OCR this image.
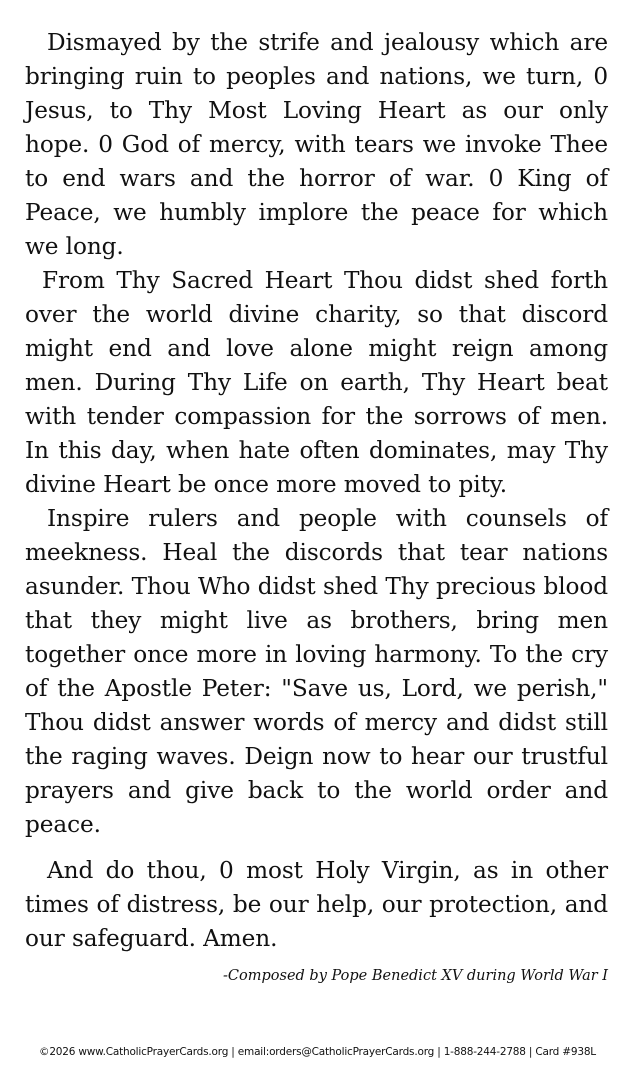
Dismayed by the strife and jealousy which are bringing ruin to peoples and nations, we turn, 0 Jesus, to Thy Most Loving Heart as our only hope. 0 God of mercy, with tears we invoke Thee to end wars and the horror of war. 0 King of Peace, we humbly implore the peace for which we long.

From Thy Sacred Heart Thou didst shed forth over the world divine charity, so that discord might end and love alone might reign among men. During Thy Life on earth, Thy Heart beat with tender compassion for the sorrows of men. In this day, when hate often dominates, may Thy divine Heart be once more moved to pity.

Inspire rulers and people with counsels of meekness. Heal the discords that tear nations asunder. Thou Who didst shed Thy precious blood that they might live as brothers, bring men together once more in loving harmony. To the cry of the Apostle Peter: "Save us, Lord, we perish," Thou didst answer words of mercy and didst still the raging waves. Deign now to hear our trustful prayers and give back to the world order and peace.

And do thou, 0 most Holy Virgin, as in other times of distress, be our help, our protection, and our safeguard. Amen.

-Composed by Pope Benedict XV during World War I
©2026 www.CatholicPrayerCards.org | email:orders@CatholicPrayerCards.org | 1-888-244-2788 | Card #938L
